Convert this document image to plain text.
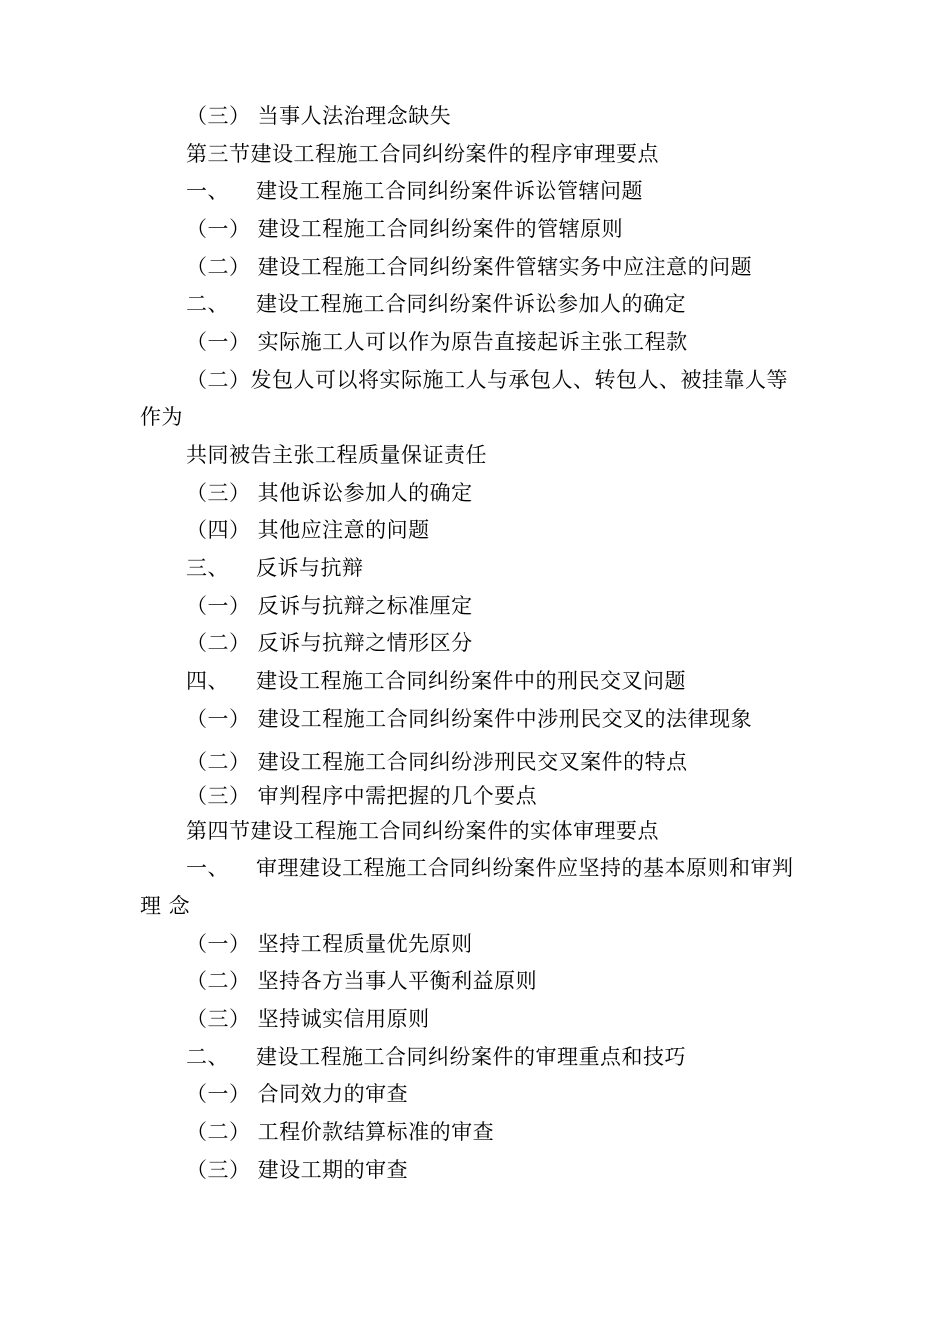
（三） 当事人法治理念缺失
第三节建设工程施工合同纠纷案件的程序审理要点
一、 建设工程施工合同纠纷案件诉讼管辖问题
（一） 建设工程施工合同纠纷案件的管辖原则
（二） 建设工程施工合同纠纷案件管辖实务中应注意的问题
二、 建设工程施工合同纠纷案件诉讼参加人的确定
（一） 实际施工人可以作为原告直接起诉主张工程款
（二）发包人可以将实际施工人与承包人、转包人、被挂靠人等
作为
共同被告主张工程质量保证责任
（三） 其他诉讼参加人的确定
（四） 其他应注意的问题
三、 反诉与抗辩
（一） 反诉与抗辩之标准厘定
（二） 反诉与抗辩之情形区分
四、 建设工程施工合同纠纷案件中的刑民交叉问题
（一） 建设工程施工合同纠纷案件中涉刑民交叉的法律现象
（二） 建设工程施工合同纠纷涉刑民交叉案件的特点
（三） 审判程序中需把握的几个要点
第四节建设工程施工合同纠纷案件的实体审理要点
一、 审理建设工程施工合同纠纷案件应坚持的基本原则和审判
理 念
（一） 坚持工程质量优先原则
（二） 坚持各方当事人平衡利益原则
（三） 坚持诚实信用原则
二、 建设工程施工合同纠纷案件的审理重点和技巧
（一） 合同效力的审查
（二） 工程价款结算标准的审查
（三） 建设工期的审查
